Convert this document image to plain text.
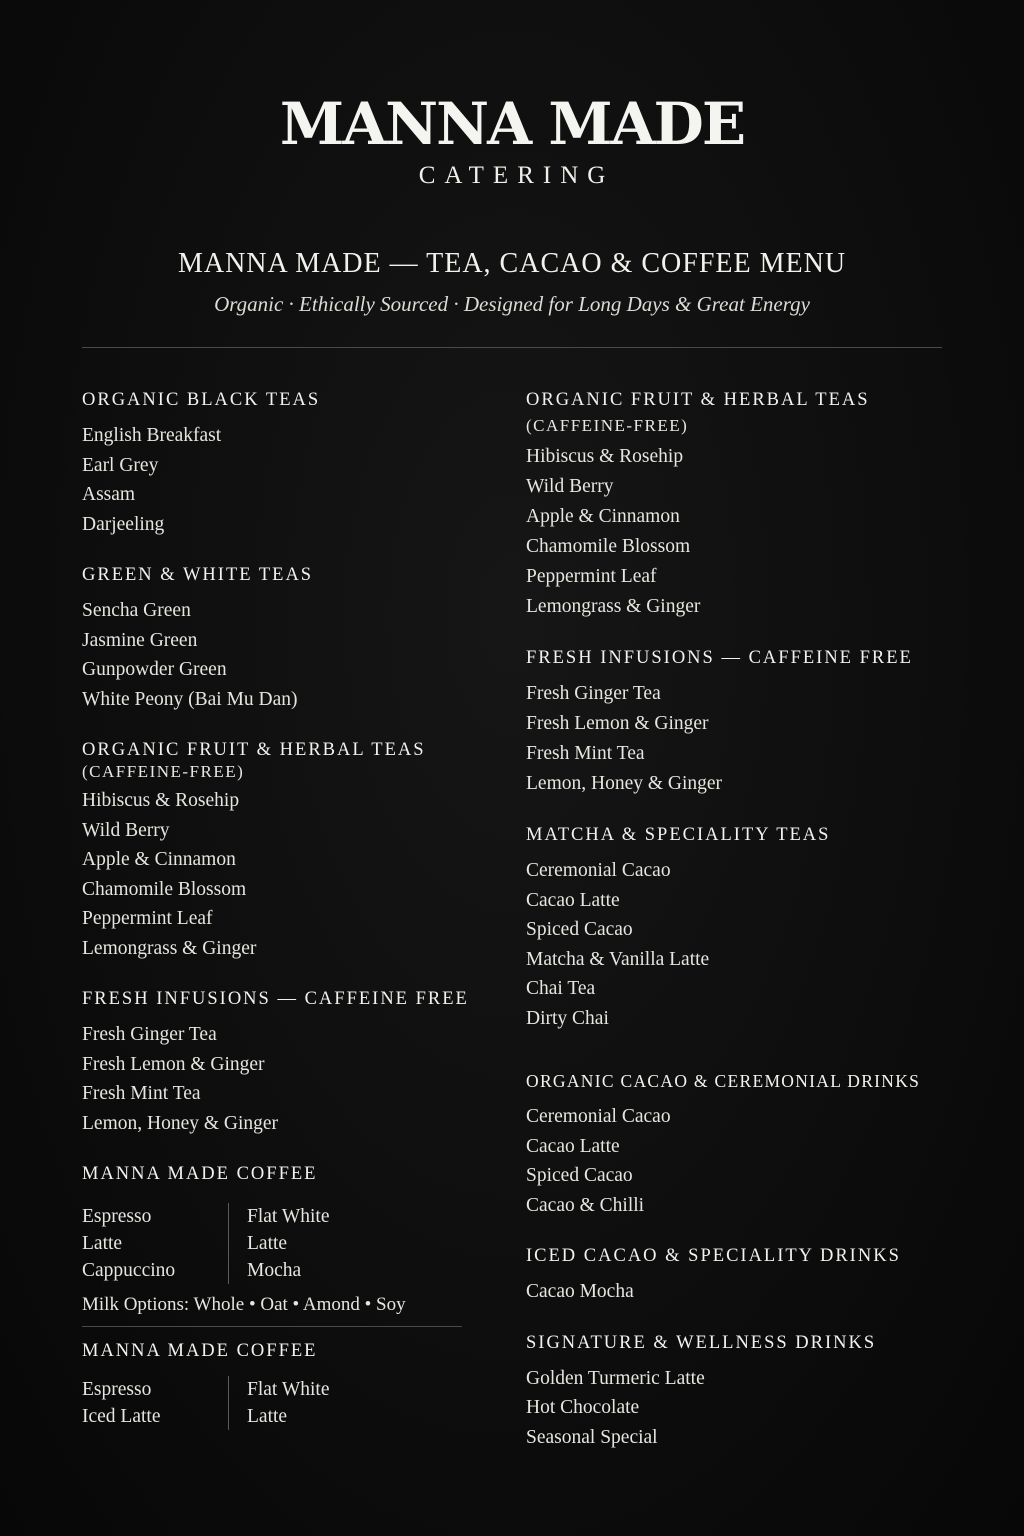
MANNA MADE
CATERING
MANNA MADE — TEA, CACAO & COFFEE MENU
Organic · Ethically Sourced · Designed for Long Days & Great Energy
ORGANIC BLACK TEAS
English Breakfast
Earl Grey
Assam
Darjeeling
GREEN & WHITE TEAS
Sencha Green
Jasmine Green
Gunpowder Green
White Peony (Bai Mu Dan)
ORGANIC FRUIT & HERBAL TEAS
(CAFFEINE-FREE)
Hibiscus & Rosehip
Wild Berry
Apple & Cinnamon
Chamomile Blossom
Peppermint Leaf
Lemongrass & Ginger
FRESH INFUSIONS — CAFFEINE FREE
Fresh Ginger Tea
Fresh Lemon & Ginger
Fresh Mint Tea
Lemon, Honey & Ginger
MANNA MADE COFFEE
Espresso
Latte
Cappuccino
Flat White
Latte
Mocha
Milk Options: Whole • Oat • Amond • Soy
MANNA MADE COFFEE
Espresso
Iced Latte
Flat White
Latte
ORGANIC FRUIT & HERBAL TEAS
(CAFFEINE-FREE)
Hibiscus & Rosehip
Wild Berry
Apple & Cinnamon
Chamomile Blossom
Peppermint Leaf
Lemongrass & Ginger
FRESH INFUSIONS — CAFFEINE FREE
Fresh Ginger Tea
Fresh Lemon & Ginger
Fresh Mint Tea
Lemon, Honey & Ginger
MATCHA & SPECIALITY TEAS
Ceremonial Cacao
Cacao Latte
Spiced Cacao
Matcha & Vanilla Latte
Chai Tea
Dirty Chai
ORGANIC CACAO & CEREMONIAL DRINKS
Ceremonial Cacao
Cacao Latte
Spiced Cacao
Cacao & Chilli
ICED CACAO & SPECIALITY DRINKS
Cacao Mocha
SIGNATURE & WELLNESS DRINKS
Golden Turmeric Latte
Hot Chocolate
Seasonal Special
